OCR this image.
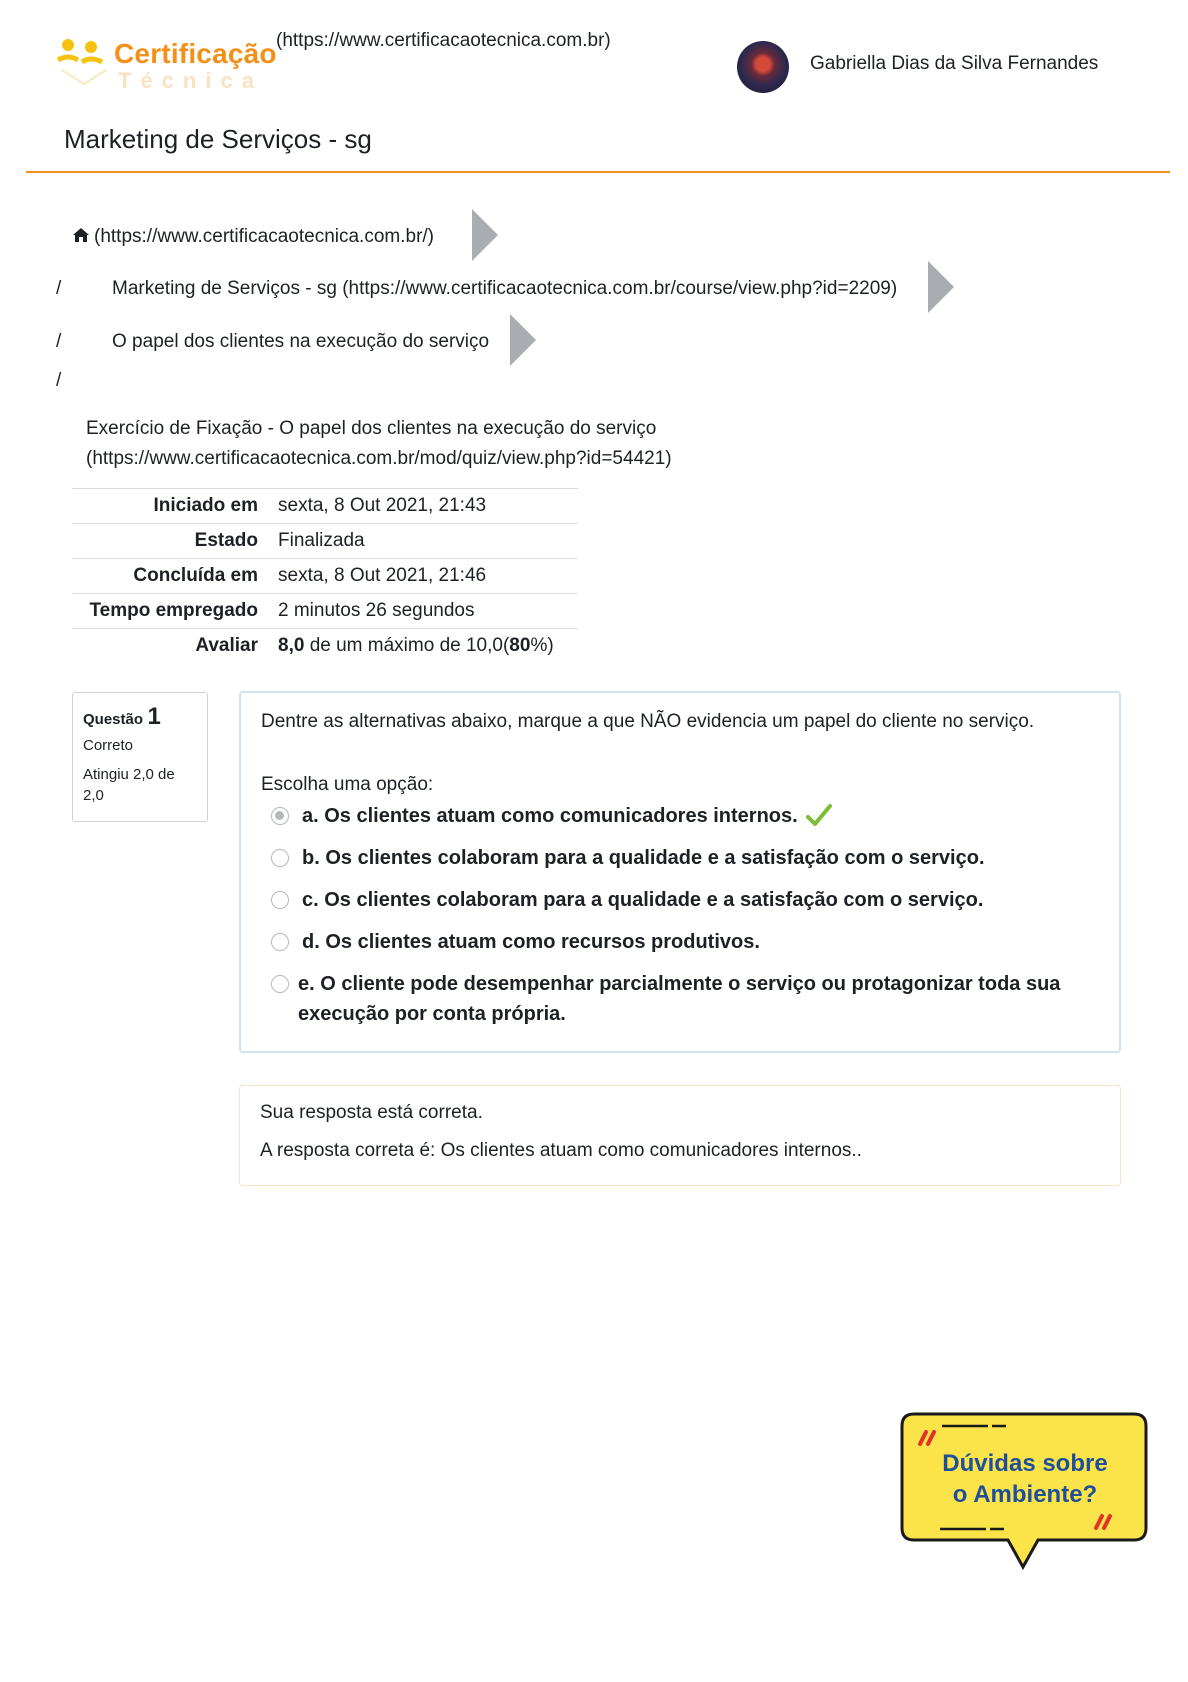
Certificação
Técnica
(https://www.certificacaotecnica.com.br)
Gabriella Dias da Silva Fernandes
Marketing de Serviços - sg
(https://www.certificacaotecnica.com.br/)
/	Marketing de Serviços - sg (https://www.certificacaotecnica.com.br/course/view.php?id=2209)
/	O papel dos clientes na execução do serviço
/
Exercício de Fixação - O papel dos clientes na execução do serviço
(https://www.certificacaotecnica.com.br/mod/quiz/view.php?id=54421)
Iniciado em	sexta, 8 Out 2021, 21:43
Estado	Finalizada
Concluída em	sexta, 8 Out 2021, 21:46
Tempo empregado	2 minutos 26 segundos
Avaliar	8,0 de um máximo de 10,0(80%)
Questão 1
Correto
Atingiu 2,0 de 2,0
Dentre as alternativas abaixo, marque a que NÃO evidencia um papel do cliente no serviço.
Escolha uma opção:
a. Os clientes atuam como comunicadores internos.
b. Os clientes colaboram para a qualidade e a satisfação com o serviço.
c. Os clientes colaboram para a qualidade e a satisfação com o serviço.
d. Os clientes atuam como recursos produtivos.
e. O cliente pode desempenhar parcialmente o serviço ou protagonizar toda sua
execução por conta própria.
Sua resposta está correta.
A resposta correta é: Os clientes atuam como comunicadores internos..
Dúvidas sobre
o Ambiente?
